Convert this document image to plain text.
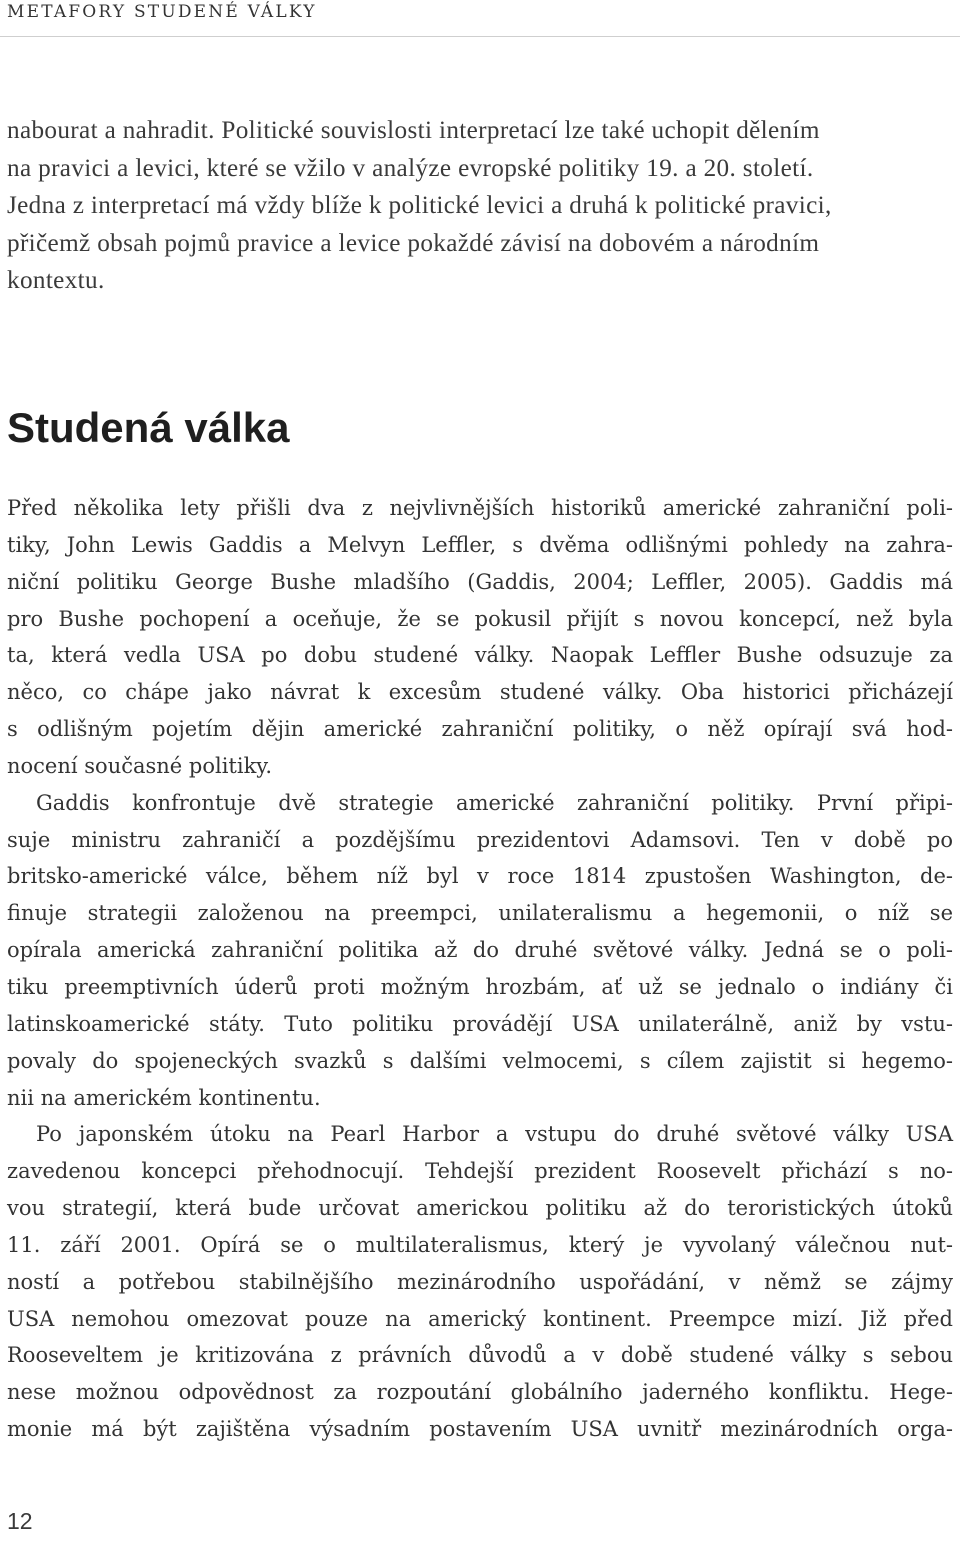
METAFORY STUDENÉ VÁLKY
nabourat a nahradit. Politické souvislosti interpretací lze také uchopit dělením
na pravici a levici, které se vžilo v analýze evropské politiky 19. a 20. století.
Jedna z interpretací má vždy blíže k politické levici a druhá k politické pravici,
přičemž obsah pojmů pravice a levice pokaždé závisí na dobovém a národním
kontextu.
Studená válka
Před několika lety přišli dva z nejvlivnějších historiků americké zahraniční poli-
tiky, John Lewis Gaddis a Melvyn Leffler, s dvěma odlišnými pohledy na zahra-
niční politiku George Bushe mladšího (Gaddis, 2004; Leffler, 2005). Gaddis má
pro Bushe pochopení a oceňuje, že se pokusil přijít s novou koncepcí, než byla
ta, která vedla USA po dobu studené války. Naopak Leffler Bushe odsuzuje za
něco, co chápe jako návrat k excesům studené války. Oba historici přicházejí
s odlišným pojetím dějin americké zahraniční politiky, o něž opírají svá hod-
nocení současné politiky.
Gaddis konfrontuje dvě strategie americké zahraniční politiky. První připi-
suje ministru zahraničí a pozdějšímu prezidentovi Adamsovi. Ten v době po
britsko-americké válce, během níž byl v roce 1814 zpustošen Washington, de-
finuje strategii založenou na preempci, unilateralismu a hegemonii, o níž se
opírala americká zahraniční politika až do druhé světové války. Jedná se o poli-
tiku preemptivních úderů proti možným hrozbám, ať už se jednalo o indiány či
latinskoamerické státy. Tuto politiku provádějí USA unilaterálně, aniž by vstu-
povaly do spojeneckých svazků s dalšími velmocemi, s cílem zajistit si hegemo-
nii na americkém kontinentu.
Po japonském útoku na Pearl Harbor a vstupu do druhé světové války USA
zavedenou koncepci přehodnocují. Tehdejší prezident Roosevelt přichází s no-
vou strategií, která bude určovat americkou politiku až do teroristických útoků
11. září 2001. Opírá se o multilateralismus, který je vyvolaný válečnou nut-
ností a potřebou stabilnějšího mezinárodního uspořádání, v němž se zájmy
USA nemohou omezovat pouze na americký kontinent. Preempce mizí. Již před
Rooseveltem je kritizována z právních důvodů a v době studené války s sebou
nese možnou odpovědnost za rozpoutání globálního jaderného konfliktu. Hege-
monie má být zajištěna výsadním postavením USA uvnitř mezinárodních orga-
12
